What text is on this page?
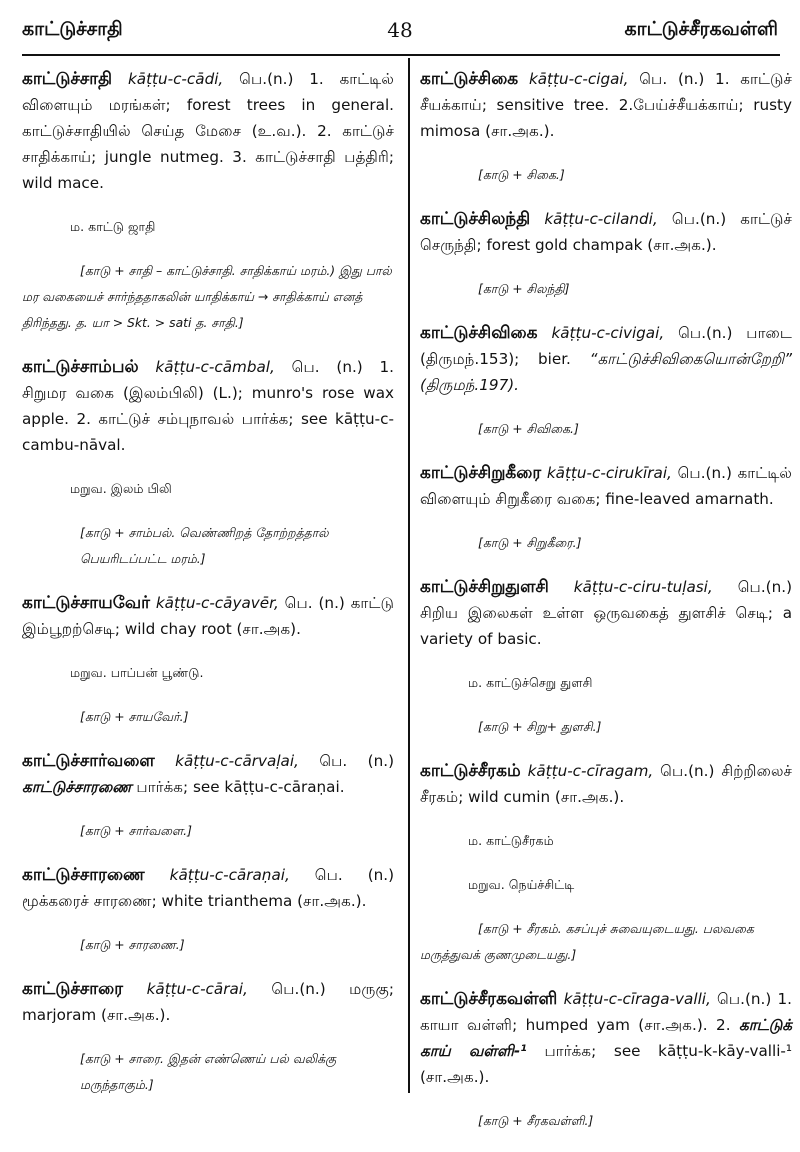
காட்டுச்சாதி	48	காட்டுச்சீரகவள்ளி

காட்டுச்சாதி kāṭṭu-c-cādi, பெ.(n.) 1. காட்டில் விளையும் மரங்கள்; forest trees in general. காட்டுச்சாதியில் செய்த மேசை (உ.வ.). 2. காட்டுச் சாதிக்காய்; jungle nutmeg. 3. காட்டுச்சாதி பத்திரி; wild mace.

ம. காட்டு ஜாதி
[காடு + சாதி – காட்டுச்சாதி. சாதிக்காய் மரம்.) இது பால் மர வகையைச் சார்ந்ததாகலின் யாதிக்காய் → சாதிக்காய் எனத் திரிந்தது. த. யா > Skt. > sati த. சாதி.]

காட்டுச்சாம்பல் kāṭṭu-c-cāmbal, பெ. (n.) 1. சிறுமர வகை (இலம்பிலி) (L.); munro's rose wax apple. 2. காட்டுச் சம்புநாவல் பார்க்க; see kāṭṭu-c-cambu-nāval.

மறுவ. இலம் பிலி
[காடு + சாம்பல். வெண்ணிறத் தோற்றத்தால் பெயரிடப்பட்ட மரம்.]

காட்டுச்சாயவேர் kāṭṭu-c-cāyavēr, பெ. (n.) காட்டு இம்பூறற்செடி; wild chay root (சா.அக).

மறுவ. பாப்பன் பூண்டு.
[காடு + சாயவேர்.]

காட்டுச்சார்வளை kāṭṭu-c-cārvaḷai, பெ. (n.) காட்டுச்சாரணை பார்க்க; see kāṭṭu-c-cāraṇai.

[காடு + சார்வளை.]

காட்டுச்சாரணை kāṭṭu-c-cāraṇai, பெ. (n.) மூக்கரைச் சாரணை; white trianthema (சா.அக.).

[காடு + சாரணை.]

காட்டுச்சாரை kāṭṭu-c-cārai, பெ.(n.) மருகு; marjoram (சா.அக.).

[காடு + சாரை. இதன் எண்ணெய் பல் வலிக்கு மருந்தாகும்.]

காட்டுச்சிகை kāṭṭu-c-cigai, பெ. (n.) 1. காட்டுச் சீயக்காய்; sensitive tree. 2.பேய்ச்சீயக்காய்; rusty mimosa (சா.அக.).

[காடு + சிகை.]

காட்டுச்சிலந்தி kāṭṭu-c-cilandi, பெ.(n.) காட்டுச் செருந்தி; forest gold champak (சா.அக.).

[காடு + சிலந்தி]

காட்டுச்சிவிகை kāṭṭu-c-civigai, பெ.(n.) பாடை (திருமந்.153); bier. “காட்டுச்சிவிகையொன்றேறி” (திருமந்.197).

[காடு + சிவிகை.]

காட்டுச்சிறுகீரை kāṭṭu-c-cirukīrai, பெ.(n.) காட்டில் விளையும் சிறுகீரை வகை; fine-leaved amarnath.

[காடு + சிறுகீரை.]

காட்டுச்சிறுதுளசி kāṭṭu-c-ciru-tuḷasi, பெ.(n.) சிறிய இலைகள் உள்ள ஒருவகைத் துளசிச் செடி; a variety of basic.

ம. காட்டுச்செறு துளசி
[காடு + சிறு+ துளசி.]

காட்டுச்சீரகம் kāṭṭu-c-cīragam, பெ.(n.) சிற்றிலைச் சீரகம்; wild cumin (சா.அக.).

ம. காட்டுசீரகம்
மறுவ. நெய்ச்சிட்டி
[காடு + சீரகம். கசப்புச் சுவையுடையது. பலவகை மருத்துவக் குணமுடையது.]

காட்டுச்சீரகவள்ளி kāṭṭu-c-cīraga-valli, பெ.(n.) 1. காயா வள்ளி; humped yam (சா.அக.). 2. காட்டுக் காய் வள்ளி-¹ பார்க்க; see kāṭṭu-k-kāy-valli-¹ (சா.அக.).

[காடு + சீரகவள்ளி.]
